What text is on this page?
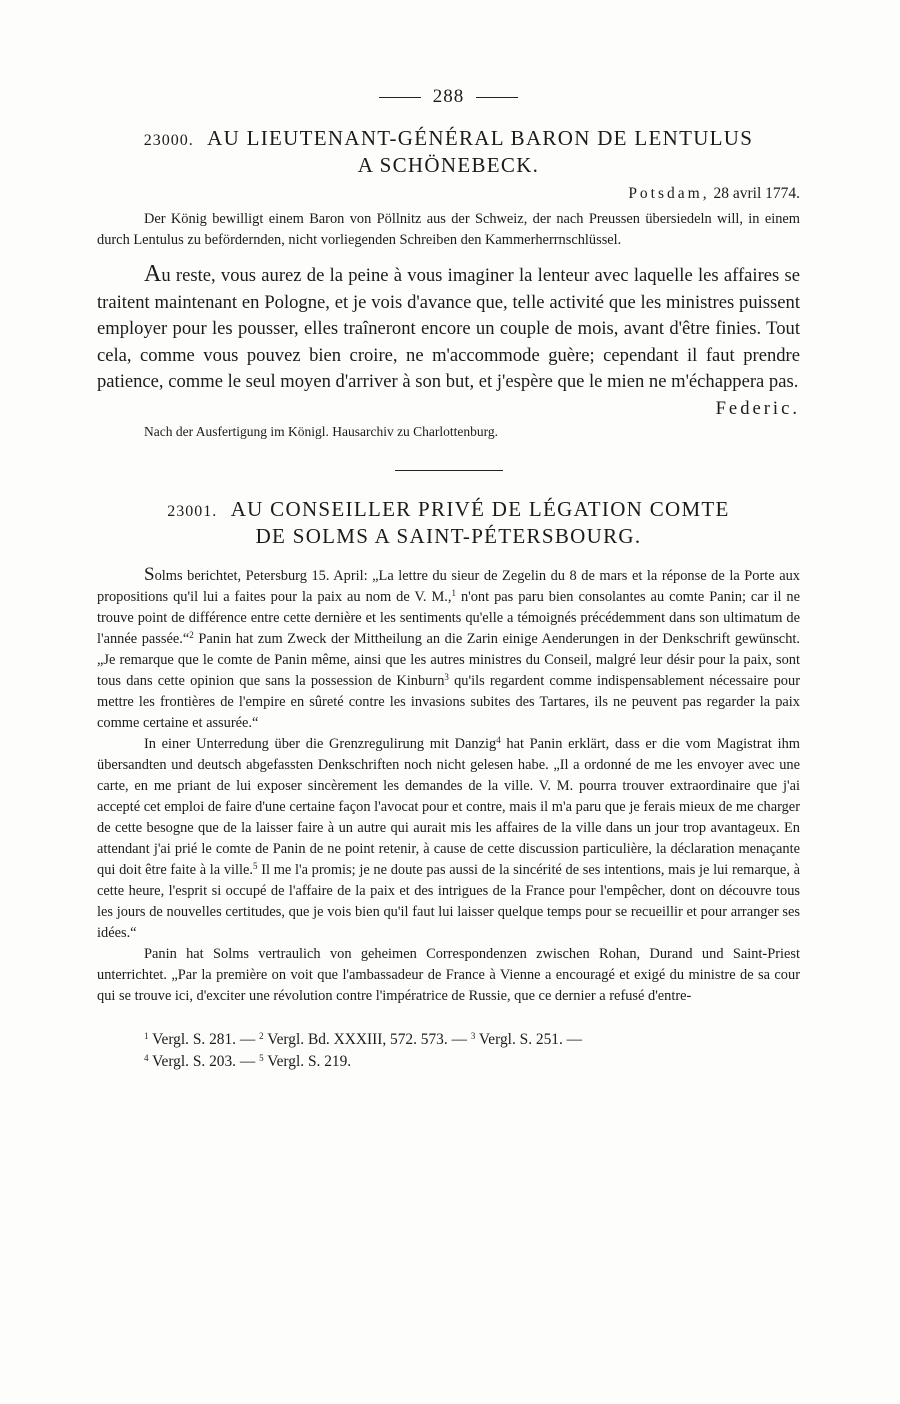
288
23000. AU LIEUTENANT-GÉNÉRAL BARON DE LENTULUS
A SCHÖNEBECK.
Potsdam, 28 avril 1774.

Der König bewilligt einem Baron von Pöllnitz aus der Schweiz, der nach Preussen übersiedeln will, in einem durch Lentulus zu befördernden, nicht vorliegenden Schreiben den Kammerherrnschlüssel.

Au reste, vous aurez de la peine à vous imaginer la lenteur avec laquelle les affaires se traitent maintenant en Pologne, et je vois d'avance que, telle activité que les ministres puissent employer pour les pousser, elles traîneront encore un couple de mois, avant d'être finies. Tout cela, comme vous pouvez bien croire, ne m'accommode guère; cependant il faut prendre patience, comme le seul moyen d'arriver à son but, et j'espère que le mien ne m'échappera pas.
Federic.

Nach der Ausfertigung im Königl. Hausarchiv zu Charlottenburg.

23001. AU CONSEILLER PRIVÉ DE LÉGATION COMTE
DE SOLMS A SAINT-PÉTERSBOURG.

Solms berichtet, Petersburg 15. April: „La lettre du sieur de Zegelin du 8 de mars et la réponse de la Porte aux propositions qu'il lui a faites pour la paix au nom de V. M.,$^1$ n'ont pas paru bien consolantes au comte Panin; car il ne trouve point de différence entre cette dernière et les sentiments qu'elle a témoignés précédemment dans son ultimatum de l'année passée.“$^2$ Panin hat zum Zweck der Mittheilung an die Zarin einige Aenderungen in der Denkschrift gewünscht. „Je remarque que le comte de Panin même, ainsi que les autres ministres du Conseil, malgré leur désir pour la paix, sont tous dans cette opinion que sans la possession de Kinburn$^3$ qu'ils regardent comme indispensablement nécessaire pour mettre les frontières de l'empire en sûreté contre les invasions subites des Tartares, ils ne peuvent pas regarder la paix comme certaine et assurée.“

In einer Unterredung über die Grenzregulirung mit Danzig$^4$ hat Panin erklärt, dass er die vom Magistrat ihm übersandten und deutsch abgefassten Denkschriften noch nicht gelesen habe. „Il a ordonné de me les envoyer avec une carte, en me priant de lui exposer sincèrement les demandes de la ville. V. M. pourra trouver extraordinaire que j'ai accepté cet emploi de faire d'une certaine façon l'avocat pour et contre, mais il m'a paru que je ferais mieux de me charger de cette besogne que de la laisser faire à un autre qui aurait mis les affaires de la ville dans un jour trop avantageux. En attendant j'ai prié le comte de Panin de ne point retenir, à cause de cette discussion particulière, la déclaration menaçante qui doit être faite à la ville.$^5$ Il me l'a promis; je ne doute pas aussi de la sincérité de ses intentions, mais je lui remarque, à cette heure, l'esprit si occupé de l'affaire de la paix et des intrigues de la France pour l'empêcher, dont on découvre tous les jours de nouvelles certitudes, que je vois bien qu'il faut lui laisser quelque temps pour se recueillir et pour arranger ses idées.“

Panin hat Solms vertraulich von geheimen Correspondenzen zwischen Rohan, Durand und Saint-Priest unterrichtet. „Par la première on voit que l'ambassadeur de France à Vienne a encouragé et exigé du ministre de sa cour qui se trouve ici, d'exciter une révolution contre l'impératrice de Russie, que ce dernier a refusé d'entre-

$^1$ Vergl. S. 281. — $^2$ Vergl. Bd. XXXIII, 572. 573. — $^3$ Vergl. S. 251. —
$^4$ Vergl. S. 203. — $^5$ Vergl. S. 219.
